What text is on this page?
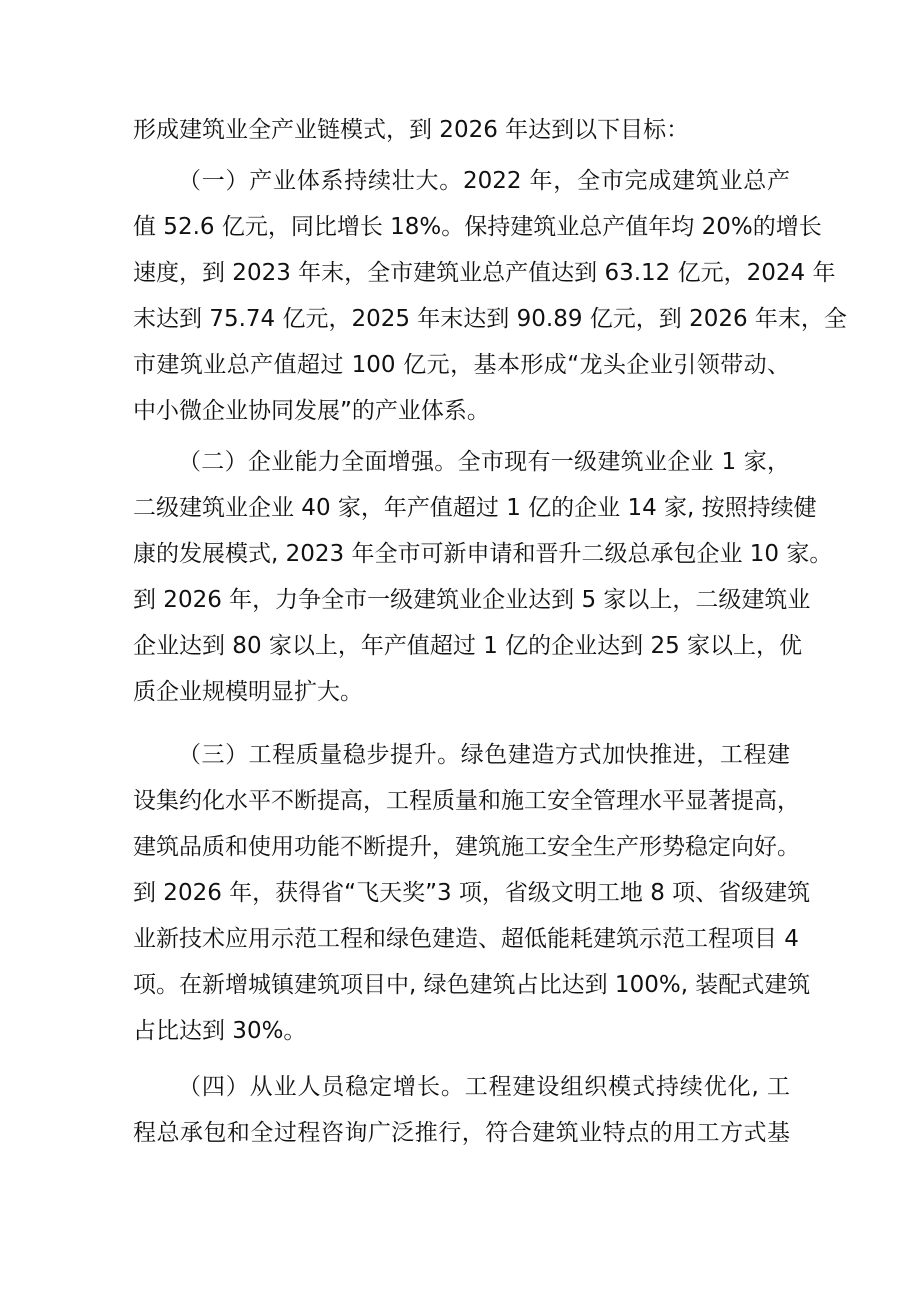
形成建筑业全产业链模式，到 2026 年达到以下目标：
（一）产业体系持续壮大。2022 年，全市完成建筑业总产
值 52.6 亿元，同比增长 18%。保持建筑业总产值年均 20%的增长
速度，到 2023 年末，全市建筑业总产值达到 63.12 亿元，2024 年
末达到 75.74 亿元，2025 年末达到 90.89 亿元，到 2026 年末，全
市建筑业总产值超过 100 亿元，基本形成“龙头企业引领带动、
中小微企业协同发展”的产业体系。
（二）企业能力全面增强。全市现有一级建筑业企业 1 家，
二级建筑业企业 40 家，年产值超过 1 亿的企业 14 家, 按照持续健
康的发展模式, 2023 年全市可新申请和晋升二级总承包企业 10 家。
到 2026 年，力争全市一级建筑业企业达到 5 家以上，二级建筑业
企业达到 80 家以上，年产值超过 1 亿的企业达到 25 家以上，优
质企业规模明显扩大。
（三）工程质量稳步提升。绿色建造方式加快推进，工程建
设集约化水平不断提高，工程质量和施工安全管理水平显著提高，
建筑品质和使用功能不断提升，建筑施工安全生产形势稳定向好。
到 2026 年，获得省“飞天奖”3 项，省级文明工地 8 项、省级建筑
业新技术应用示范工程和绿色建造、超低能耗建筑示范工程项目 4
项。在新增城镇建筑项目中, 绿色建筑占比达到 100%, 装配式建筑
占比达到 30%。
（四）从业人员稳定增长。工程建设组织模式持续优化, 工
程总承包和全过程咨询广泛推行，符合建筑业特点的用工方式基
